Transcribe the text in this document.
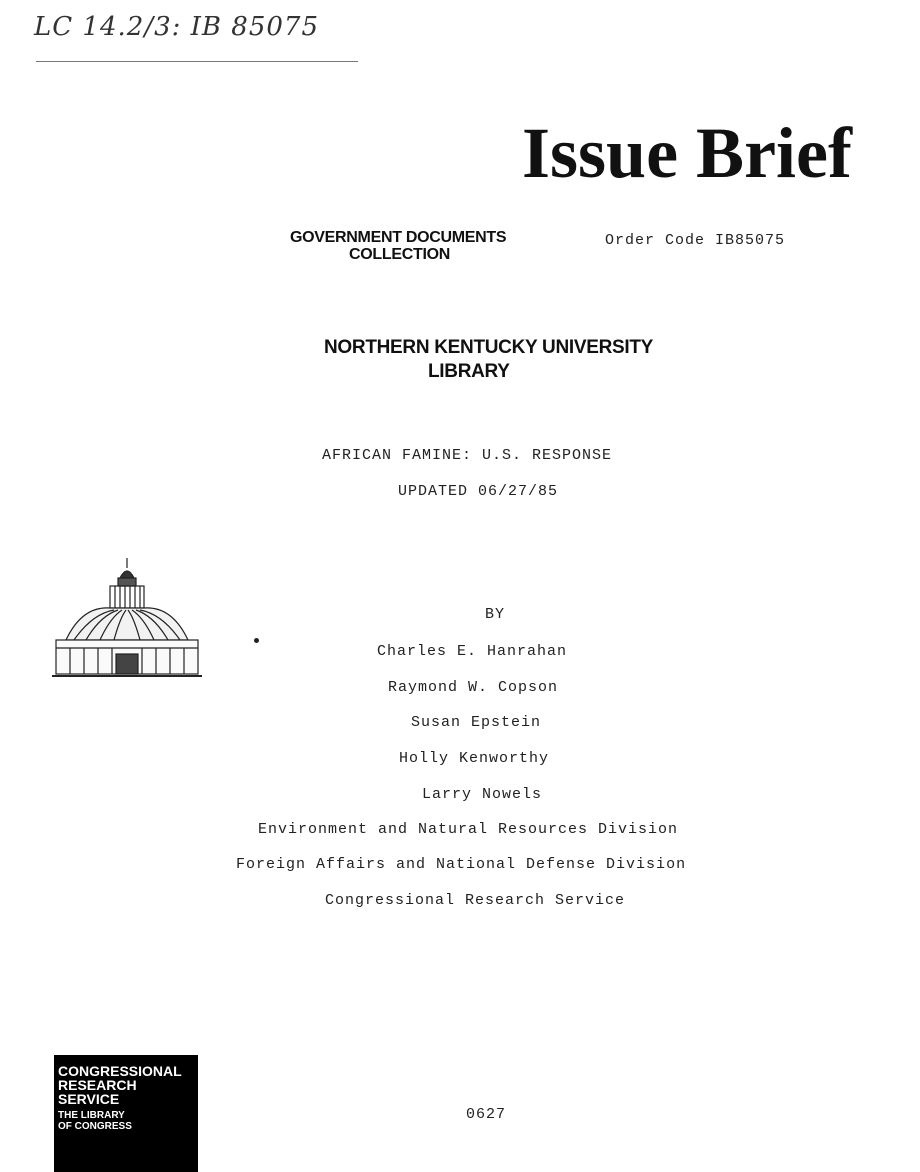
LC 14.2/3: IB 85075
Issue Brief
GOVERNMENT DOCUMENTS
COLLECTION
Order Code IB85075
NORTHERN KENTUCKY UNIVERSITY
LIBRARY
AFRICAN FAMINE: U.S. RESPONSE
UPDATED 06/27/85
BY
Charles E. Hanrahan
Raymond W. Copson
Susan Epstein
Holly Kenworthy
Larry Nowels
Environment and Natural Resources Division
Foreign Affairs and National Defense Division
Congressional Research Service
CONGRESSIONAL
RESEARCH
SERVICE
THE LIBRARY
OF CONGRESS
0627
